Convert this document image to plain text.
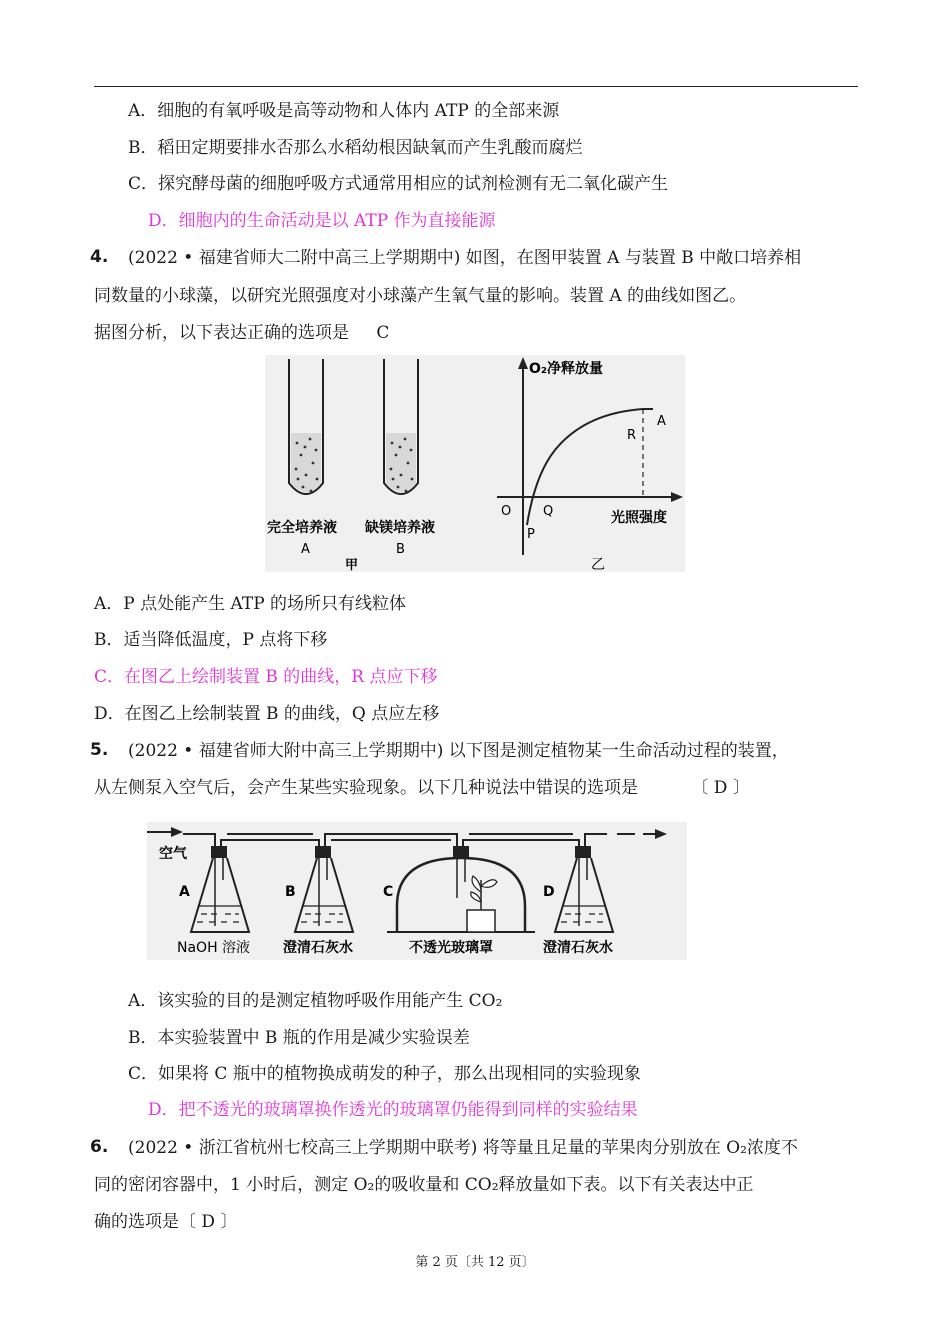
A．细胞的有氧呼吸是高等动物和人体内 ATP 的全部来源
B．稻田定期要排水否那么水稻幼根因缺氧而产生乳酸而腐烂
C．探究酵母菌的细胞呼吸方式通常用相应的试剂检测有无二氧化碳产生
D．细胞内的生命活动是以 ATP 作为直接能源
4. (2022 • 福建省师大二附中高三上学期期中) 如图，在图甲装置 A 与装置 B 中敞口培养相
同数量的小球藻，以研究光照强度对小球藻产生氧气量的影响。装置 A 的曲线如图乙。
据图分析，以下表达正确的选项是 C
完全培养液
A
缺镁培养液
B
甲
O₂净释放量
光照强度
O
P
Q
R
A
乙
A．P 点处能产生 ATP 的场所只有线粒体
B．适当降低温度，P 点将下移
C．在图乙上绘制装置 B 的曲线，R 点应下移
D．在图乙上绘制装置 B 的曲线，Q 点应左移
5. (2022 • 福建省师大附中高三上学期期中) 以下图是测定植物某一生命活动过程的装置，
从左侧泵入空气后，会产生某些实验现象。以下几种说法中错误的选项是	〔 D 〕
空气
A	B	C	D
NaOH 溶液 澄清石灰水	不透光玻璃罩	澄清石灰水
A．该实验的目的是测定植物呼吸作用能产生 CO₂
B．本实验装置中 B 瓶的作用是减少实验误差
C．如果将 C 瓶中的植物换成萌发的种子，那么出现相同的实验现象
D．把不透光的玻璃罩换作透光的玻璃罩仍能得到同样的实验结果
6. (2022 • 浙江省杭州七校高三上学期期中联考) 将等量且足量的苹果肉分别放在 O₂浓度不
同的密闭容器中，1 小时后，测定 O₂的吸收量和 CO₂释放量如下表。以下有关表达中正
确的选项是〔 D 〕
第 2 页〔共 12 页〕
